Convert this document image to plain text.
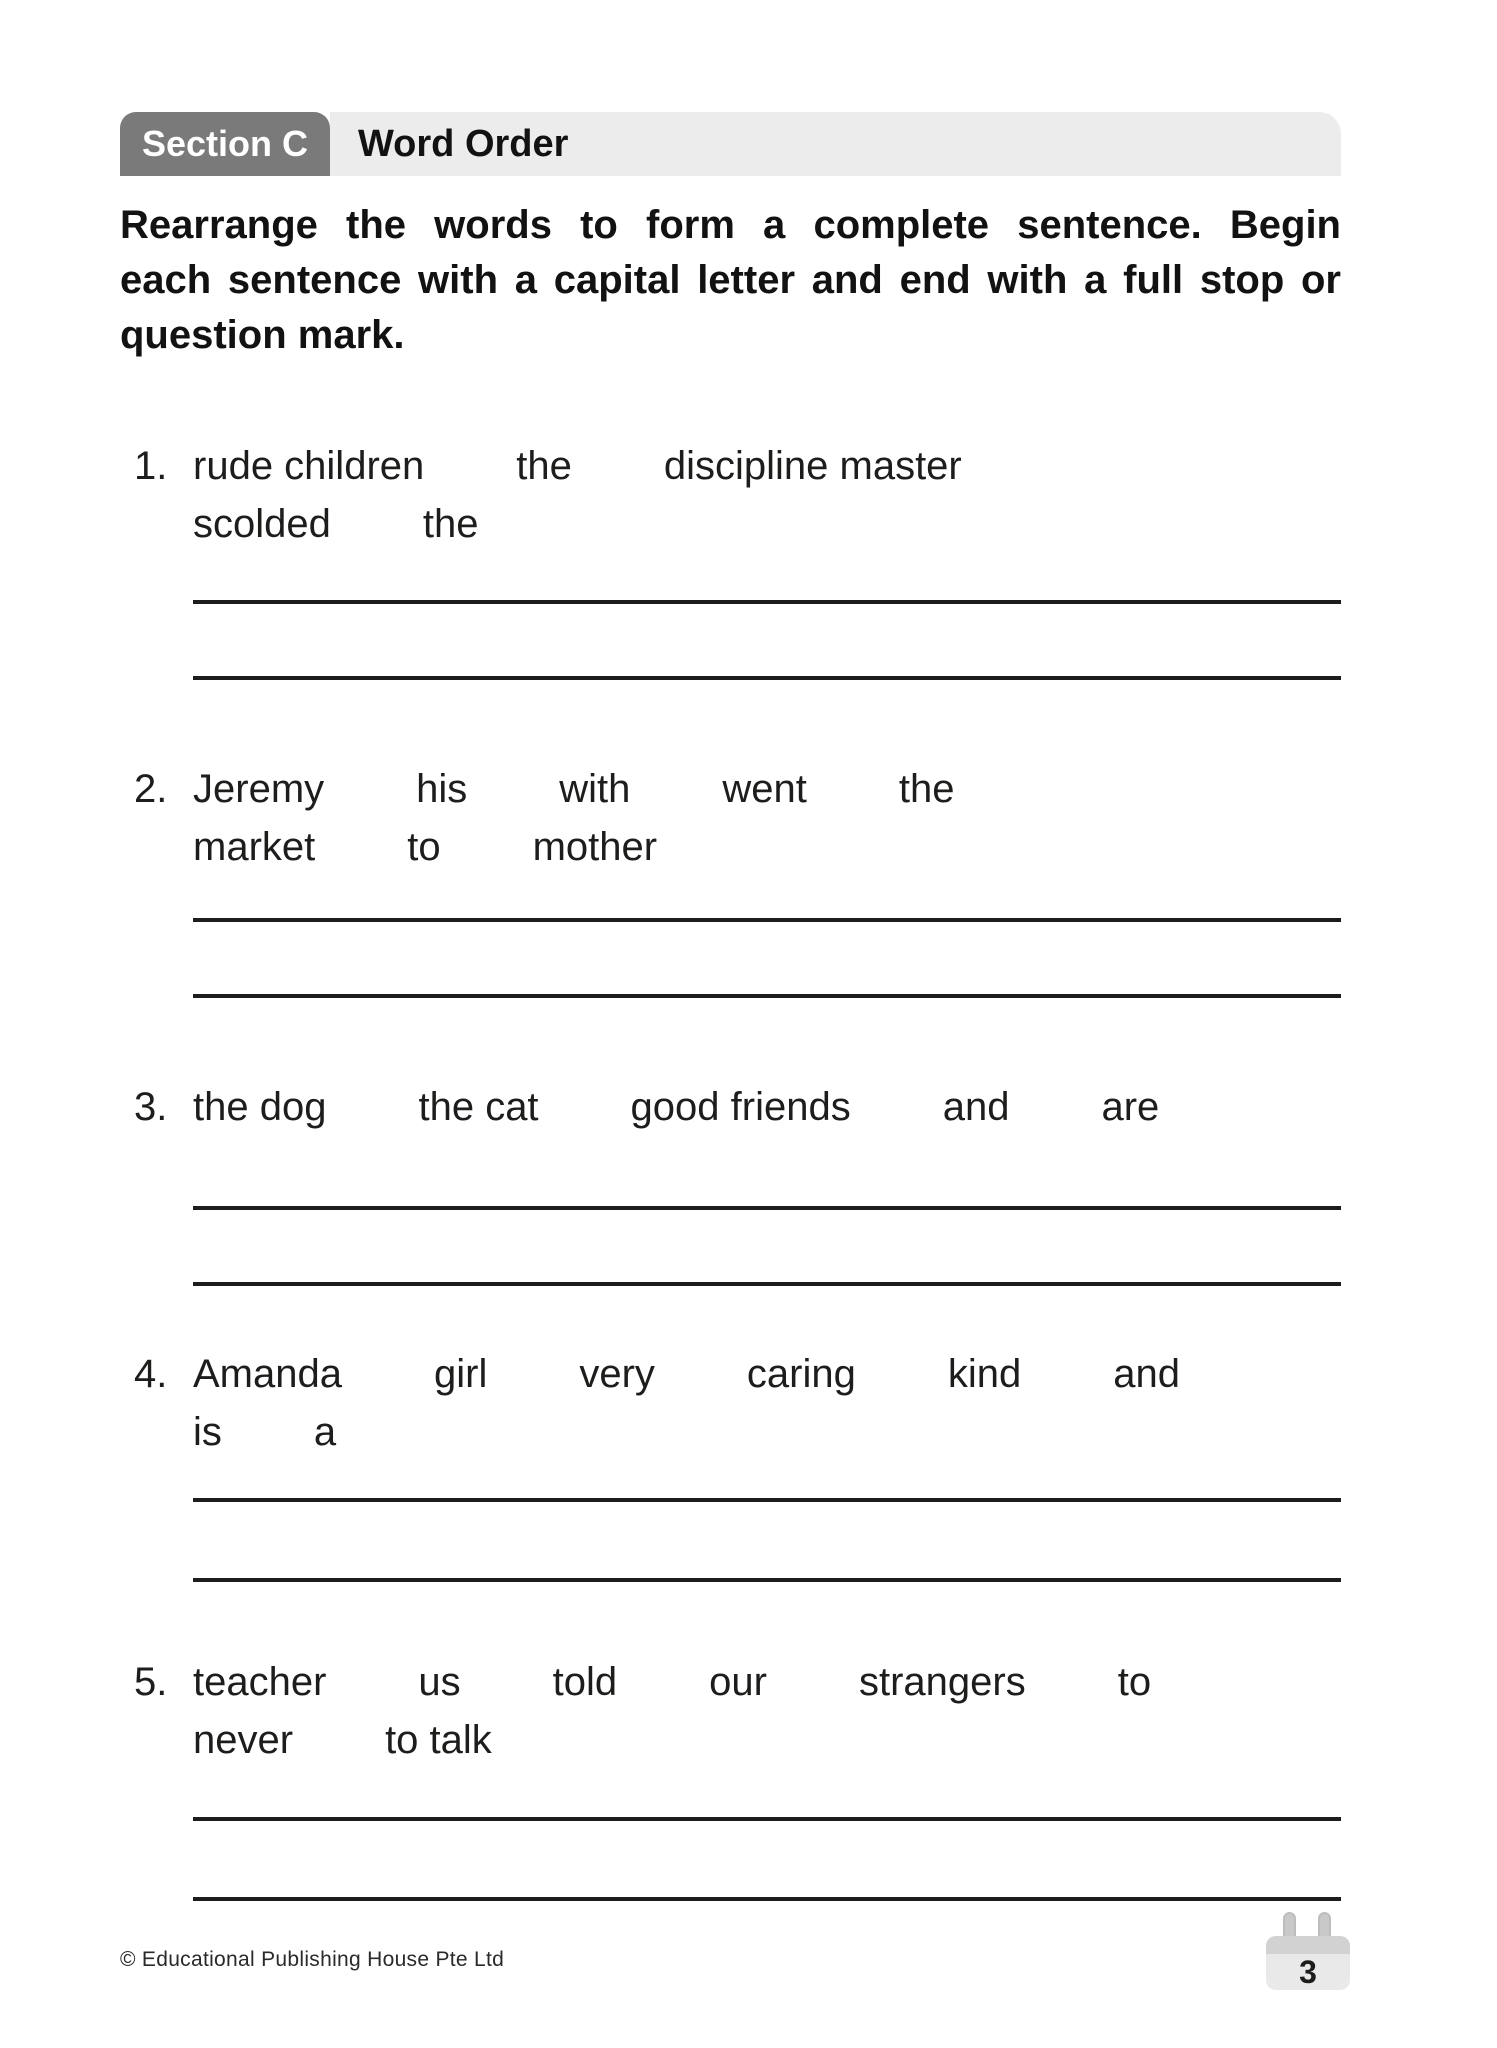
Section C Word Order
Rearrange the words to form a complete sentence. Begin
each sentence with a capital letter and end with a full stop or
question mark.
1. rude children the discipline master
scolded the
2. Jeremy his with went the
market to mother
3. the dog the cat good friends and are
4. Amanda girl very caring kind and
is a
5. teacher us told our strangers to
never to talk
© Educational Publishing House Pte Ltd	3
